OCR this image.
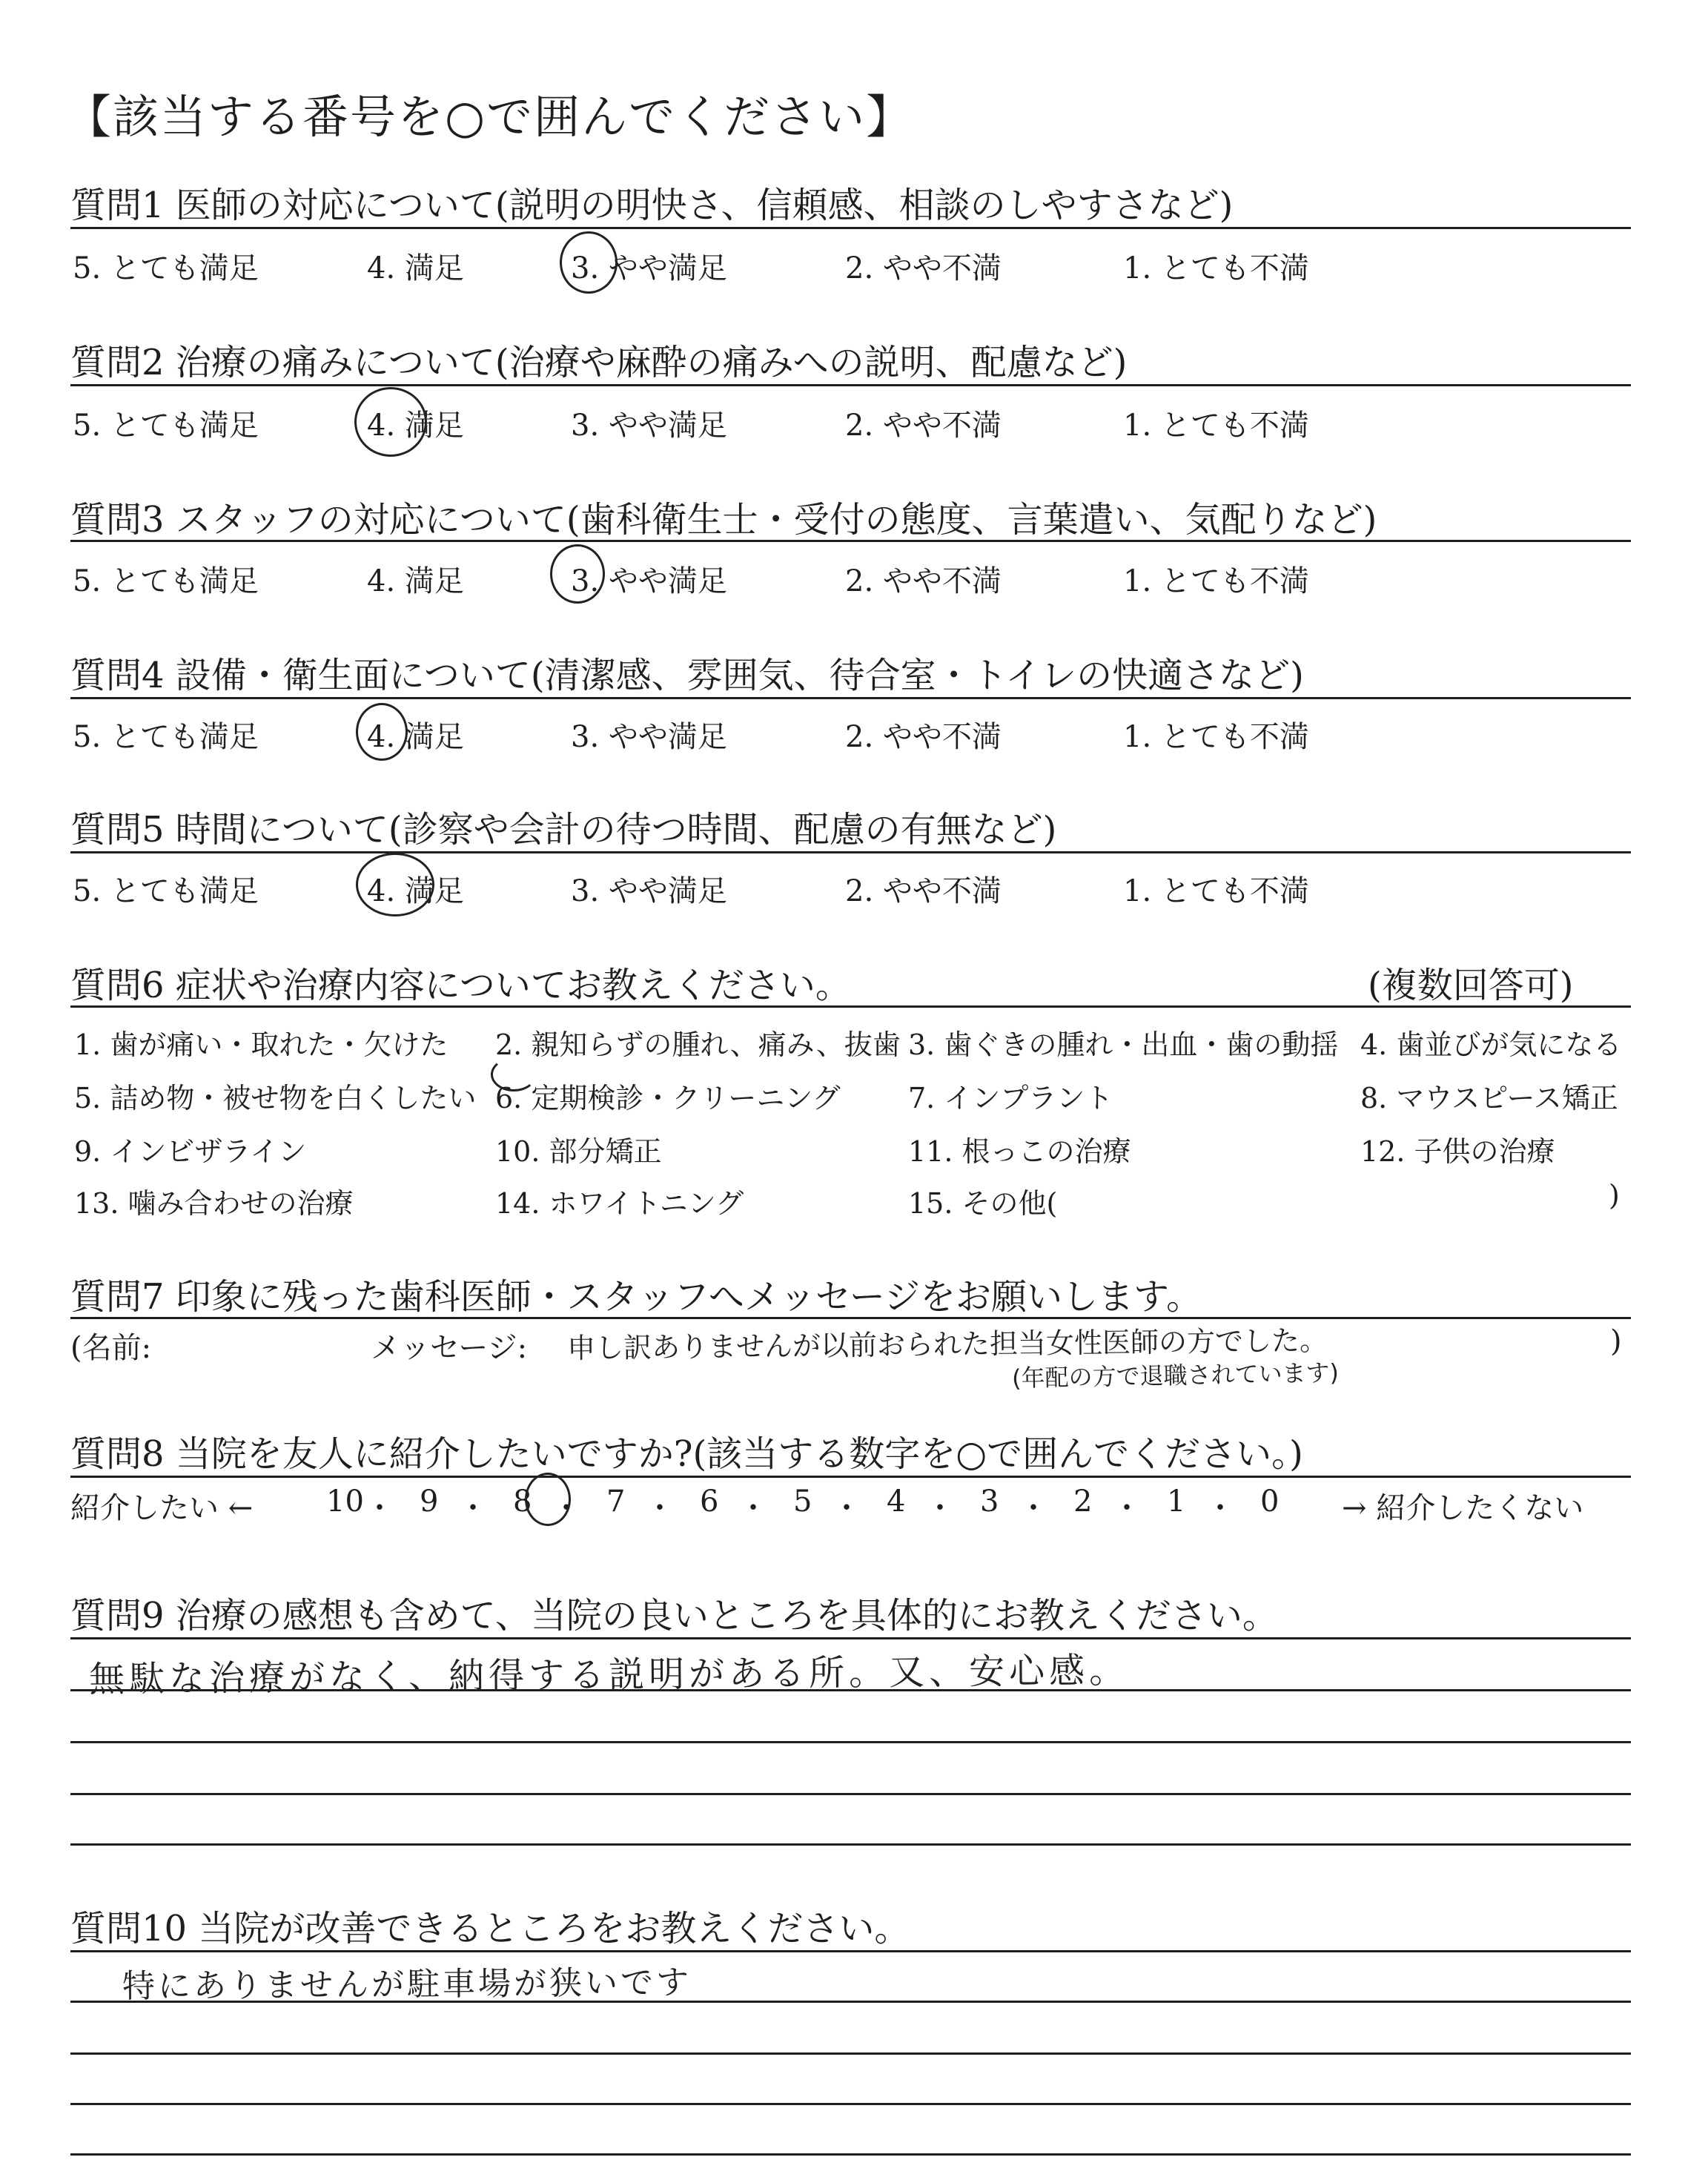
【該当する番号を○で囲んでください】
質問1 医師の対応について(説明の明快さ、信頼感、相談のしやすさなど)
5. とても満足	4. 満足	3. やや満足	2. やや不満	1. とても不満
質問2 治療の痛みについて(治療や麻酔の痛みへの説明、配慮など)
5. とても満足	4. 満足	3. やや満足	2. やや不満	1. とても不満
質問3 スタッフの対応について(歯科衛生士・受付の態度、言葉遣い、気配りなど)
5. とても満足	4. 満足	3. やや満足	2. やや不満	1. とても不満
質問4 設備・衛生面について(清潔感、雰囲気、待合室・トイレの快適さなど)
5. とても満足	4. 満足	3. やや満足	2. やや不満	1. とても不満
質問5 時間について(診察や会計の待つ時間、配慮の有無など)
5. とても満足	4. 満足	3. やや満足	2. やや不満	1. とても不満
質問6 症状や治療内容についてお教えください。	(複数回答可)
1. 歯が痛い・取れた・欠けた 2. 親知らずの腫れ、痛み、抜歯 3. 歯ぐきの腫れ・出血・歯の動揺 4. 歯並びが気になる
5. 詰め物・被せ物を白くしたい 6. 定期検診・クリーニング 7. インプラント	8. マウスピース矯正
9. インビザライン	10. 部分矯正	11. 根っこの治療	12. 子供の治療
13. 噛み合わせの治療	14. ホワイトニング	15. その他(	)
質問7 印象に残った歯科医師・スタッフへメッセージをお願いします。
(名前:	メッセージ:	)
申し訳ありませんが以前おられた担当女性医師の方でした。
(年配の方で退職されています)
質問8 当院を友人に紹介したいですか?(該当する数字を○で囲んでください。)
紹介したい ← 10 ・ 9 ・ 8 ・ 7 ・ 6 ・ 5 ・ 4 ・ 3 ・ 2 ・ 1 ・ 0 → 紹介したくない
質問9 治療の感想も含めて、当院の良いところを具体的にお教えください。
無駄な治療がなく、納得する説明がある所。又、安心感。
質問10 当院が改善できるところをお教えください。
特にありませんが駐車場が狭いです
